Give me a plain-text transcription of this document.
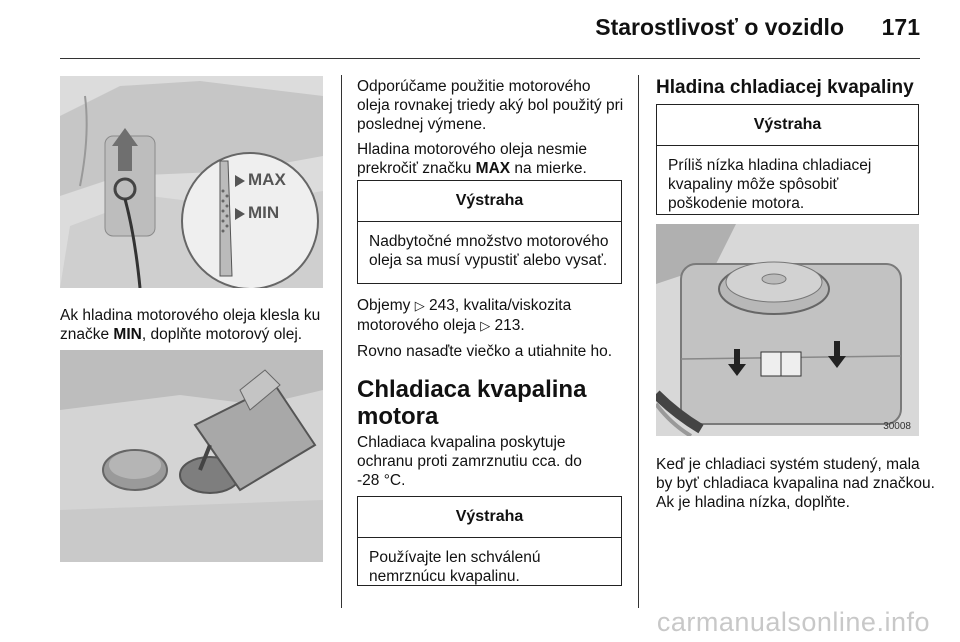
Starostlivosť o vozidlo 171
MAX
MIN

Ak hladina motorového oleja klesla ku značke MIN, doplňte motorový olej.

Odporúčame použitie motorového oleja rovnakej triedy aký bol použitý pri poslednej výmene.

Hladina motorového oleja nesmie prekročiť značku MAX na mierke.

Výstraha
Nadbytočné množstvo motorového oleja sa musí vypustiť alebo vysať.

Objemy ▷ 243, kvalita/viskozita motorového oleja ▷ 213.

Rovno nasaďte viečko a utiahnite ho.

Chladiaca kvapalina motora

Chladiaca kvapalina poskytuje ochranu proti zamrznutiu cca. do -28 °C.

Výstraha
Používajte len schválenú nemrznúcu kvapalinu.
Hladina chladiacej kvapaliny
Výstraha
Príliš nízka hladina chladiacej kvapaliny môže spôsobiť poškodenie motora.
30008

Keď je chladiaci systém studený, mala by byť chladiaca kvapalina nad značkou. Ak je hladina nízka, doplňte.

carmanualsonline.info
